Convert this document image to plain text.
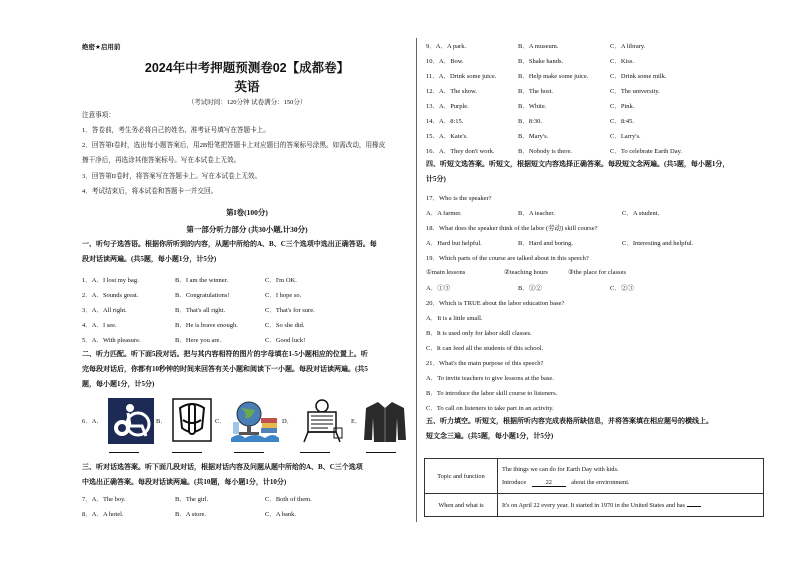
绝密★启用前
2024年中考押题预测卷02【成都卷】
英语
（考试时间：120分钟 试卷满分：150分）
注意事项：
1．答卷前，考生务必将自己的姓名、准考证号填写在答题卡上。
2．回答第I卷时，选出每小题答案后，用2B铅笔把答题卡上对应题目的答案标号涂黑。如需改动，用橡皮
擦干净后，再选涂其他答案标号。写在本试卷上无效。
3．回答第II卷时，将答案写在答题卡上。写在本试卷上无效。
4．考试结束后，将本试卷和答题卡一并交回。
第I卷(100分)
第一部分听力部分 (共30小题,计30分)
一、听句子选答语。根据你所听到的内容，从题中所给的A、B、C三个选项中选出正确答语。每
段对话读两遍。(共5题，每小题1分，计5分)
1．A．I lost my bag.	B．I am the winner.	C．I'm OK.
2．A．Sounds great.	B．Congratulations!	C．I hope so.
3．A．All right.	B．That's all right.	C．That's for sure.
4．A．I see.	B．He is brave enough.	C．So she did.
5．A．With pleasure.	B．Here you are.	C．Good luck!
二、听力匹配。听下面5段对话。把与其内容相符的图片的字母填在1-5小题相应的位置上。听
完每段对话后，你都有10秒钟的时间来回答有关小题和阅读下一小题。每段对话读两遍。(共5
题，每小题1分，计5分)
6．A．	B．	C．	D．	E．
三、听对话选答案。听下面几段对话，根据对话内容及问题从题中所给的A、B、C三个选项
中选出正确答案。每段对话读两遍。(共10题，每小题1分，计10分)
7．A．The boy.	B．The girl.	C．Both of them.
8．A．A hotel.	B．A store.	C．A bank.
9．A．A park.	B．A museum.	C．A library.
10．A．Bow.	B．Shake hands.	C．Kiss.
11．A．Drink some juice.	B．Help make some juice.	C．Drink some milk.
12．A．The show.	B．The host.	C．The university.
13．A．Purple.	B．White.	C．Pink.
14．A．8:15.	B．8:30.	C．8:45.
15．A．Kate's.	B．Mary's.	C．Larry's.
16．A．They don't work.	B．Nobody is there.	C．To celebrate Earth Day.
四、听短文选答案。听短文，根据短文内容选择正确答案。每段短文念两遍。(共5题，每小题1分，
计5分)
17．Who is the speaker?
A．A farmer.	B．A teacher.	C．A student.
18．What does the speaker think of the labor (劳动) skill course?
A．Hard but helpful.	B．Hard and boring.	C．Interesting and helpful.
19．Which parts of the course are talked about in this speech?
①main lessons	②teaching hours	③the place for classes
A．①③	B．①②	C．②③
20．Which is TRUE about the labor education base?
A．It is a little small.
B．It is used only for labor skill classes.
C．It can feed all the students of this school.
21．What's the main purpose of this speech?
A．To invite teachers to give lessons at the base.
B．To introduce the labor skill course to listeners.
C．To call on listeners to take part in an activity.
五、听力填空。听短文，根据所听内容完成表格所缺信息，并将答案填在相应题号的横线上。
短文念三遍。(共5题，每小题1分，计5分)
Topic and function	The things we can do for Earth Day with kids.
Introduce 22 about the environment.

When and what is	It's on April 22 every year. It started in 1970 in the United States and has
